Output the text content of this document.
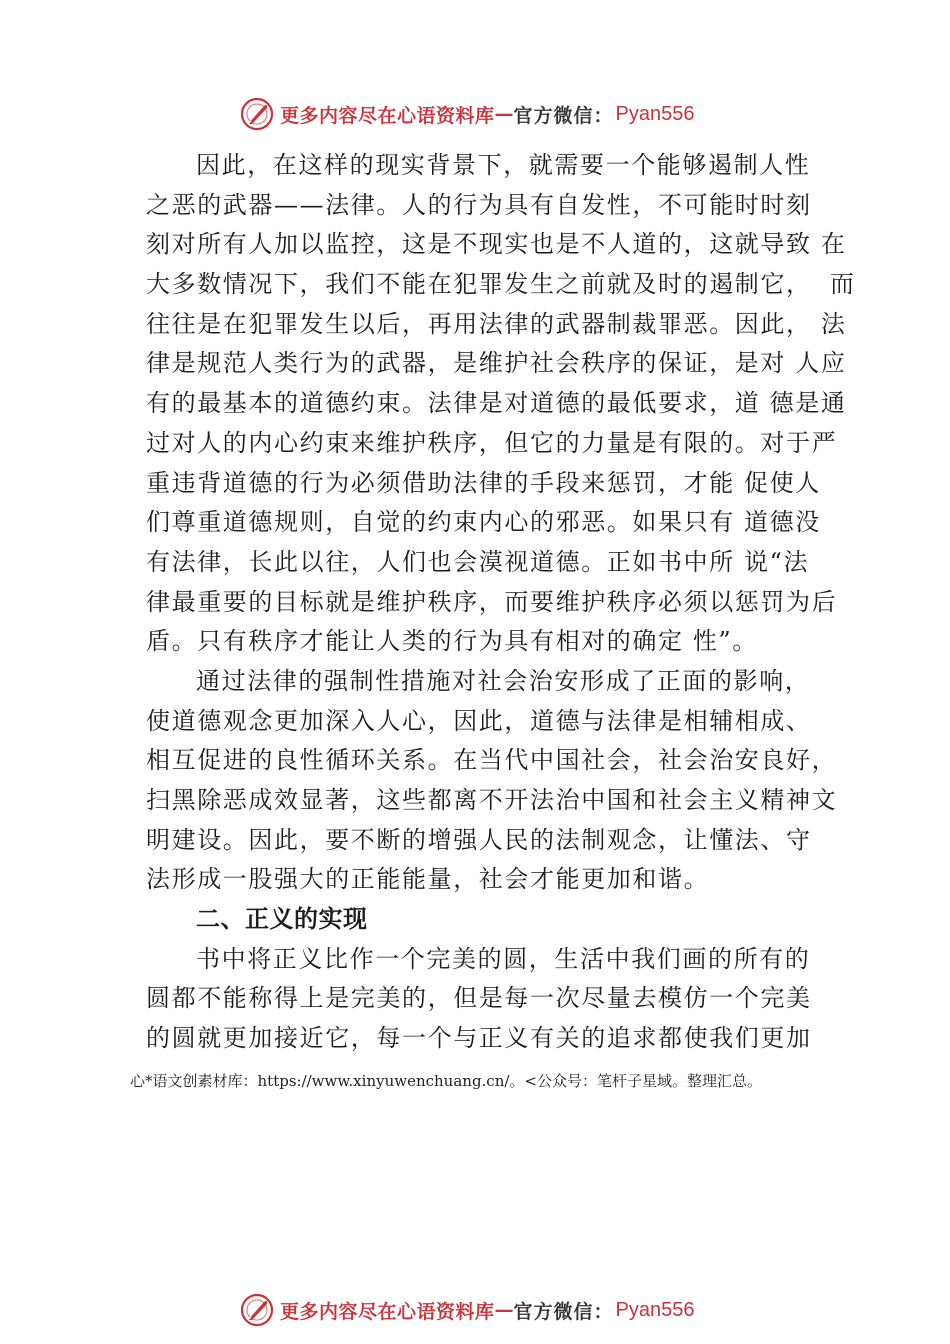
更多内容尽在心语资料库 — 官方微信： Pyan556
因此，在这样的现实背景下，就需要一个能够遏制人性
之恶的武器——法律。人的行为具有自发性，不可能时时刻
刻对所有人加以监控，这是不现实也是不人道的，这就导致 在
大多数情况下，我们不能在犯罪发生之前就及时的遏制它，  而
往往是在犯罪发生以后，再用法律的武器制裁罪恶。因此， 法
律是规范人类行为的武器，是维护社会秩序的保证，是对 人应
有的最基本的道德约束。法律是对道德的最低要求，道 德是通
过对人的内心约束来维护秩序，但它的力量是有限的。对于严
重违背道德的行为必须借助法律的手段来惩罚，才能 促使人
们尊重道德规则，自觉的约束内心的邪恶。如果只有 道德没
有法律，长此以往，人们也会漠视道德。正如书中所 说“法
律最重要的目标就是维护秩序，而要维护秩序必须以惩罚为后
盾。只有秩序才能让人类的行为具有相对的确定 性”。
通过法律的强制性措施对社会治安形成了正面的影响，
使道德观念更加深入人心，因此，道德与法律是相辅相成、
相互促进的良性循环关系。在当代中国社会，社会治安良好，
扫黑除恶成效显著，这些都离不开法治中国和社会主义精神文
明建设。因此，要不断的增强人民的法制观念，让懂法、守
法形成一股强大的正能能量，社会才能更加和谐。
二、正义的实现
书中将正义比作一个完美的圆，生活中我们画的所有的
圆都不能称得上是完美的，但是每一次尽量去模仿一个完美
的圆就更加接近它，每一个与正义有关的追求都使我们更加
心*语文创素材库：https://www.xinyuwenchuang.cn/。<公众号：笔杆子星域。整理汇总。
更多内容尽在心语资料库 — 官方微信： Pyan556
